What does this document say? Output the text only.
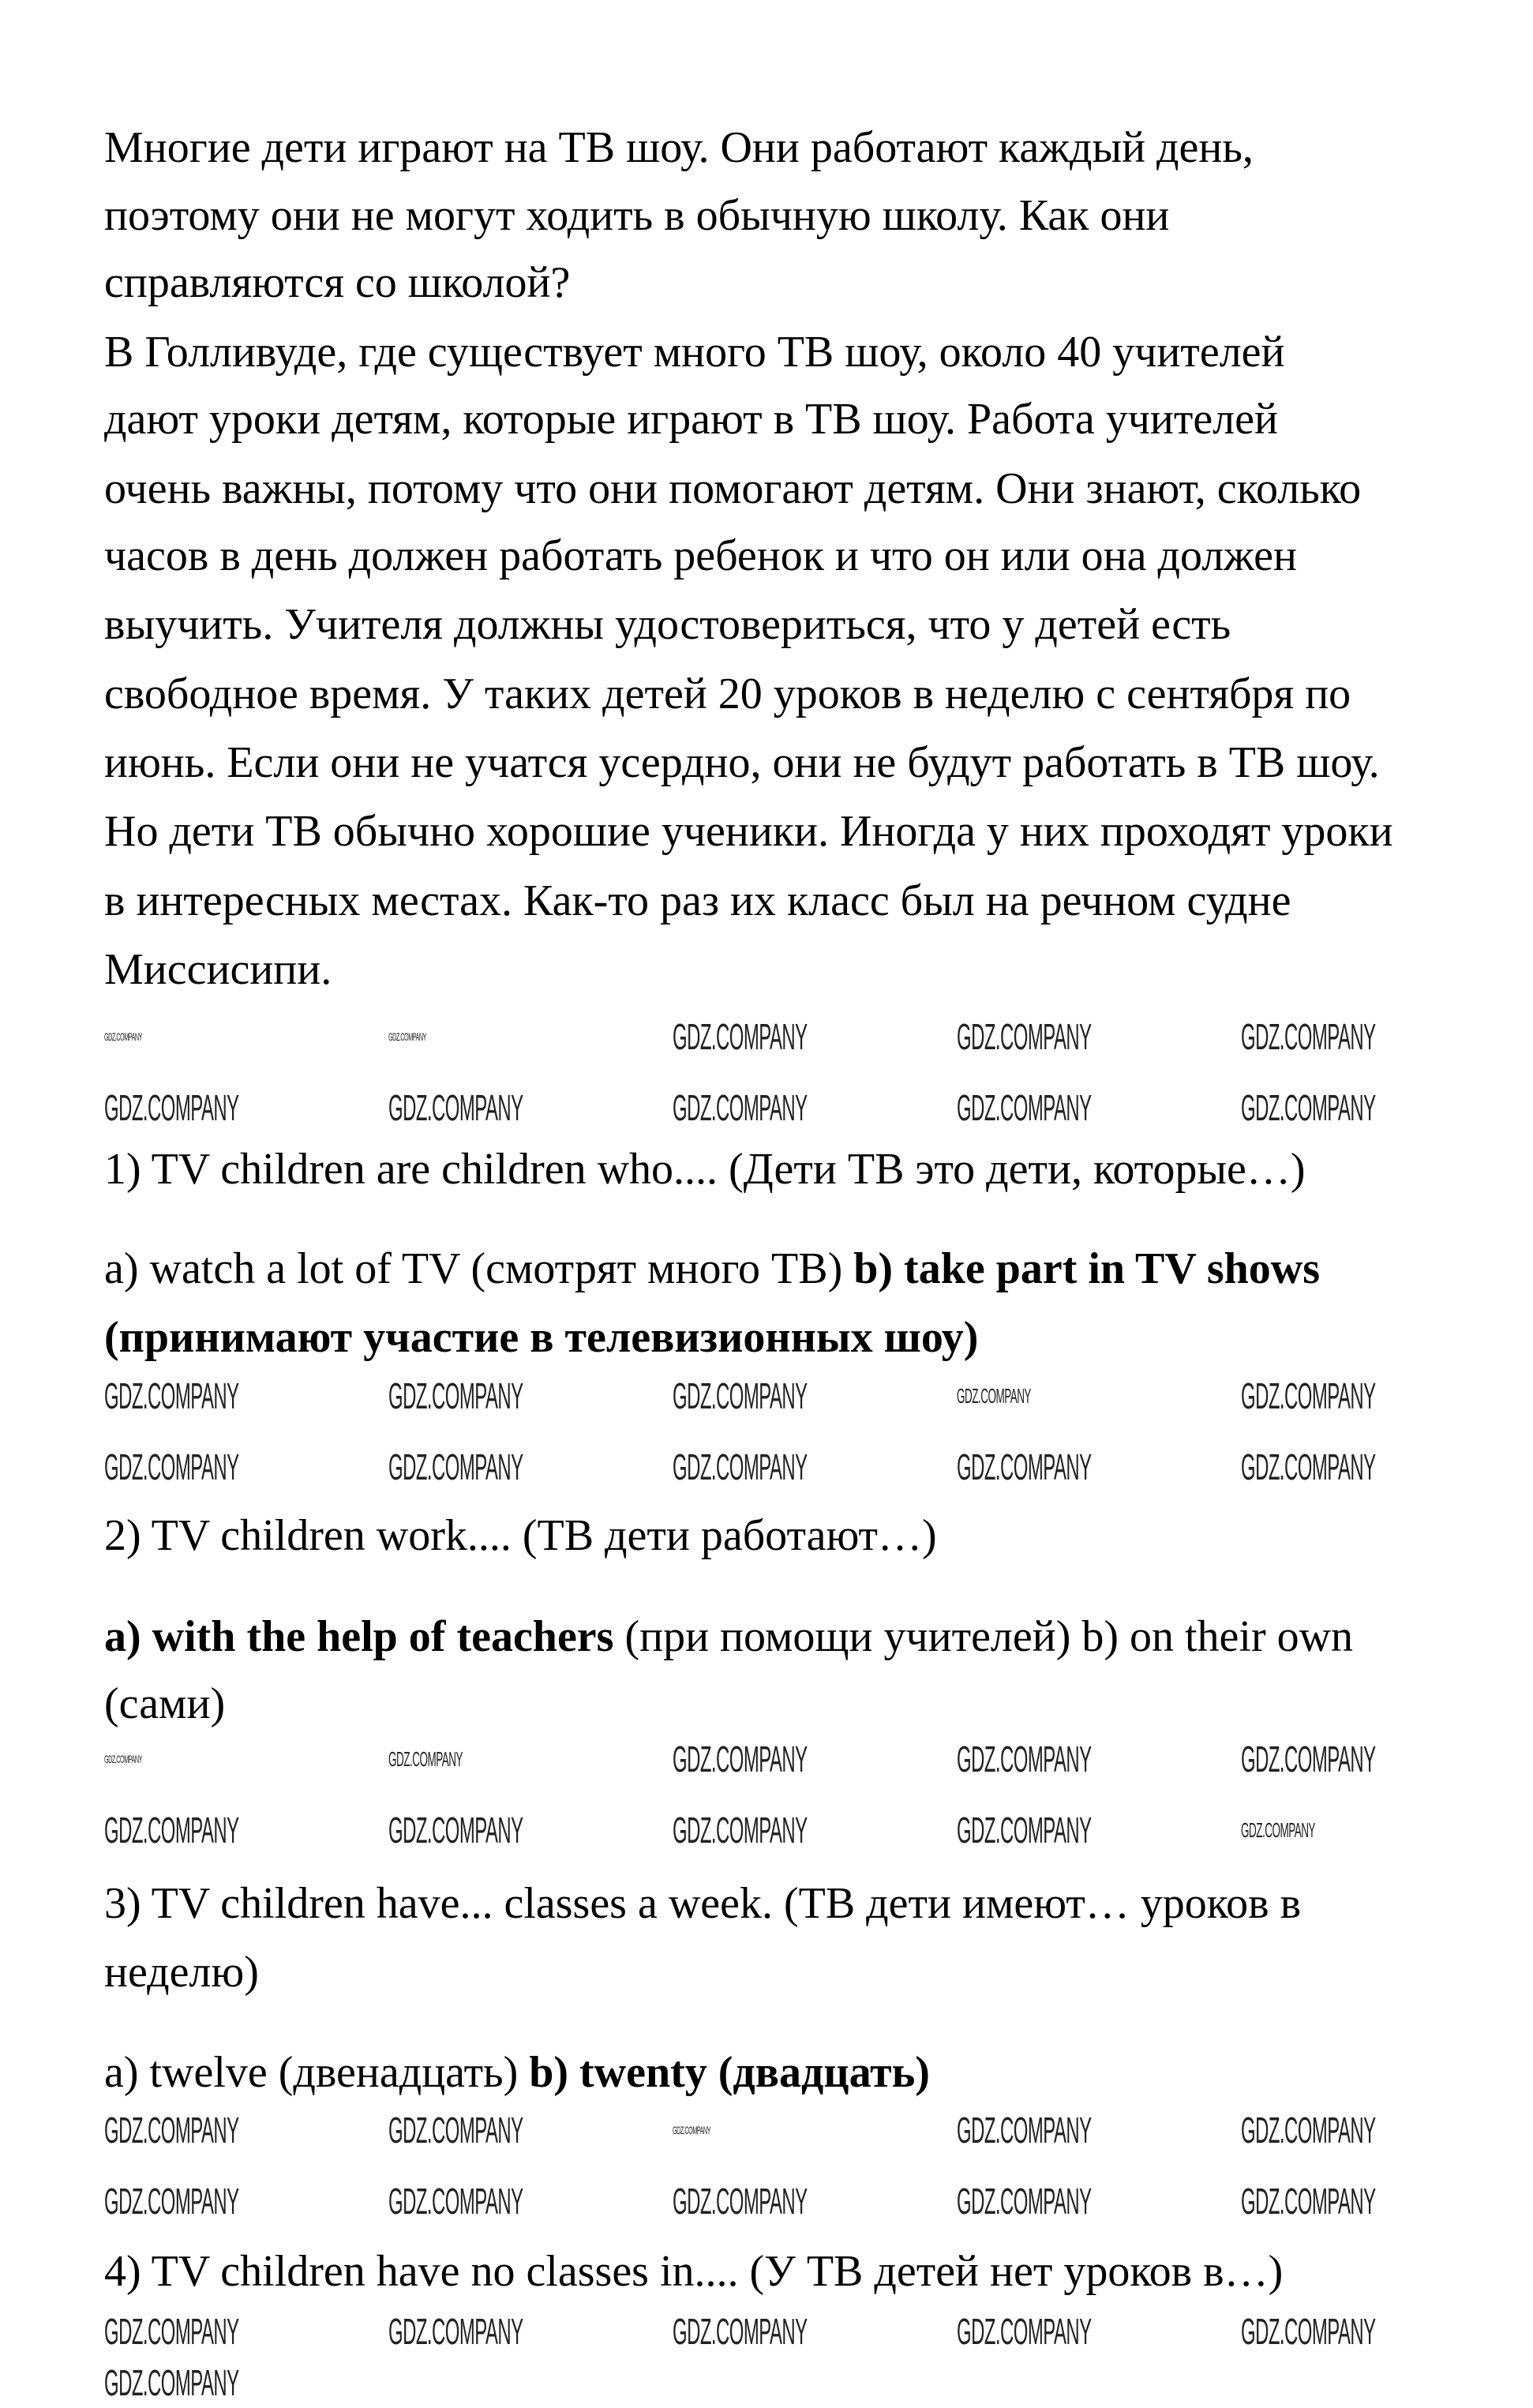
Многие дети играют на ТВ шоу. Они работают каждый день,
поэтому они не могут ходить в обычную школу. Как они
справляются со школой?
В Голливуде, где существует много ТВ шоу, около 40 учителей
дают уроки детям, которые играют в ТВ шоу. Работа учителей
очень важны, потому что они помогают детям. Они знают, сколько
часов в день должен работать ребенок и что он или она должен
выучить. Учителя должны удостовериться, что у детей есть
свободное время. У таких детей 20 уроков в неделю с сентября по
июнь. Если они не учатся усердно, они не будут работать в ТВ шоу.
Но дети ТВ обычно хорошие ученики. Иногда у них проходят уроки
в интересных местах. Как-то раз их класс был на речном судне
Миссисипи.
1) TV children are children who.... (Дети ТВ это дети, которые…)
a) watch a lot of TV (смотрят много ТВ) b) take part in TV shows
(принимают участие в телевизионных шоу)
2) TV children work.... (ТВ дети работают…)
a) with the help of teachers (при помощи учителей) b) on their own
(сами)
3) TV children have... classes a week. (ТВ дети имеют… уроков в
неделю)
a) twelve (двенадцать) b) twenty (двадцать)
4) TV children have no classes in.... (У ТВ детей нет уроков в…)
GDZ.COMPANY	GDZ.COMPANY	GDZ.COMPANY	GDZ.COMPANY	GDZ.COMPANY
GDZ.COMPANY	GDZ.COMPANY	GDZ.COMPANY	GDZ.COMPANY	GDZ.COMPANY
GDZ.COMPANY	GDZ.COMPANY	GDZ.COMPANY	GDZ.COMPANY	GDZ.COMPANY
GDZ.COMPANY	GDZ.COMPANY	GDZ.COMPANY	GDZ.COMPANY	GDZ.COMPANY
GDZ.COMPANY	GDZ.COMPANY	GDZ.COMPANY	GDZ.COMPANY	GDZ.COMPANY
GDZ.COMPANY	GDZ.COMPANY	GDZ.COMPANY	GDZ.COMPANY	GDZ.COMPANY
GDZ.COMPANY	GDZ.COMPANY	GDZ.COMPANY	GDZ.COMPANY	GDZ.COMPANY
GDZ.COMPANY	GDZ.COMPANY	GDZ.COMPANY	GDZ.COMPANY	GDZ.COMPANY
GDZ.COMPANY	GDZ.COMPANY	GDZ.COMPANY	GDZ.COMPANY	GDZ.COMPANY
GDZ.COMPANY
